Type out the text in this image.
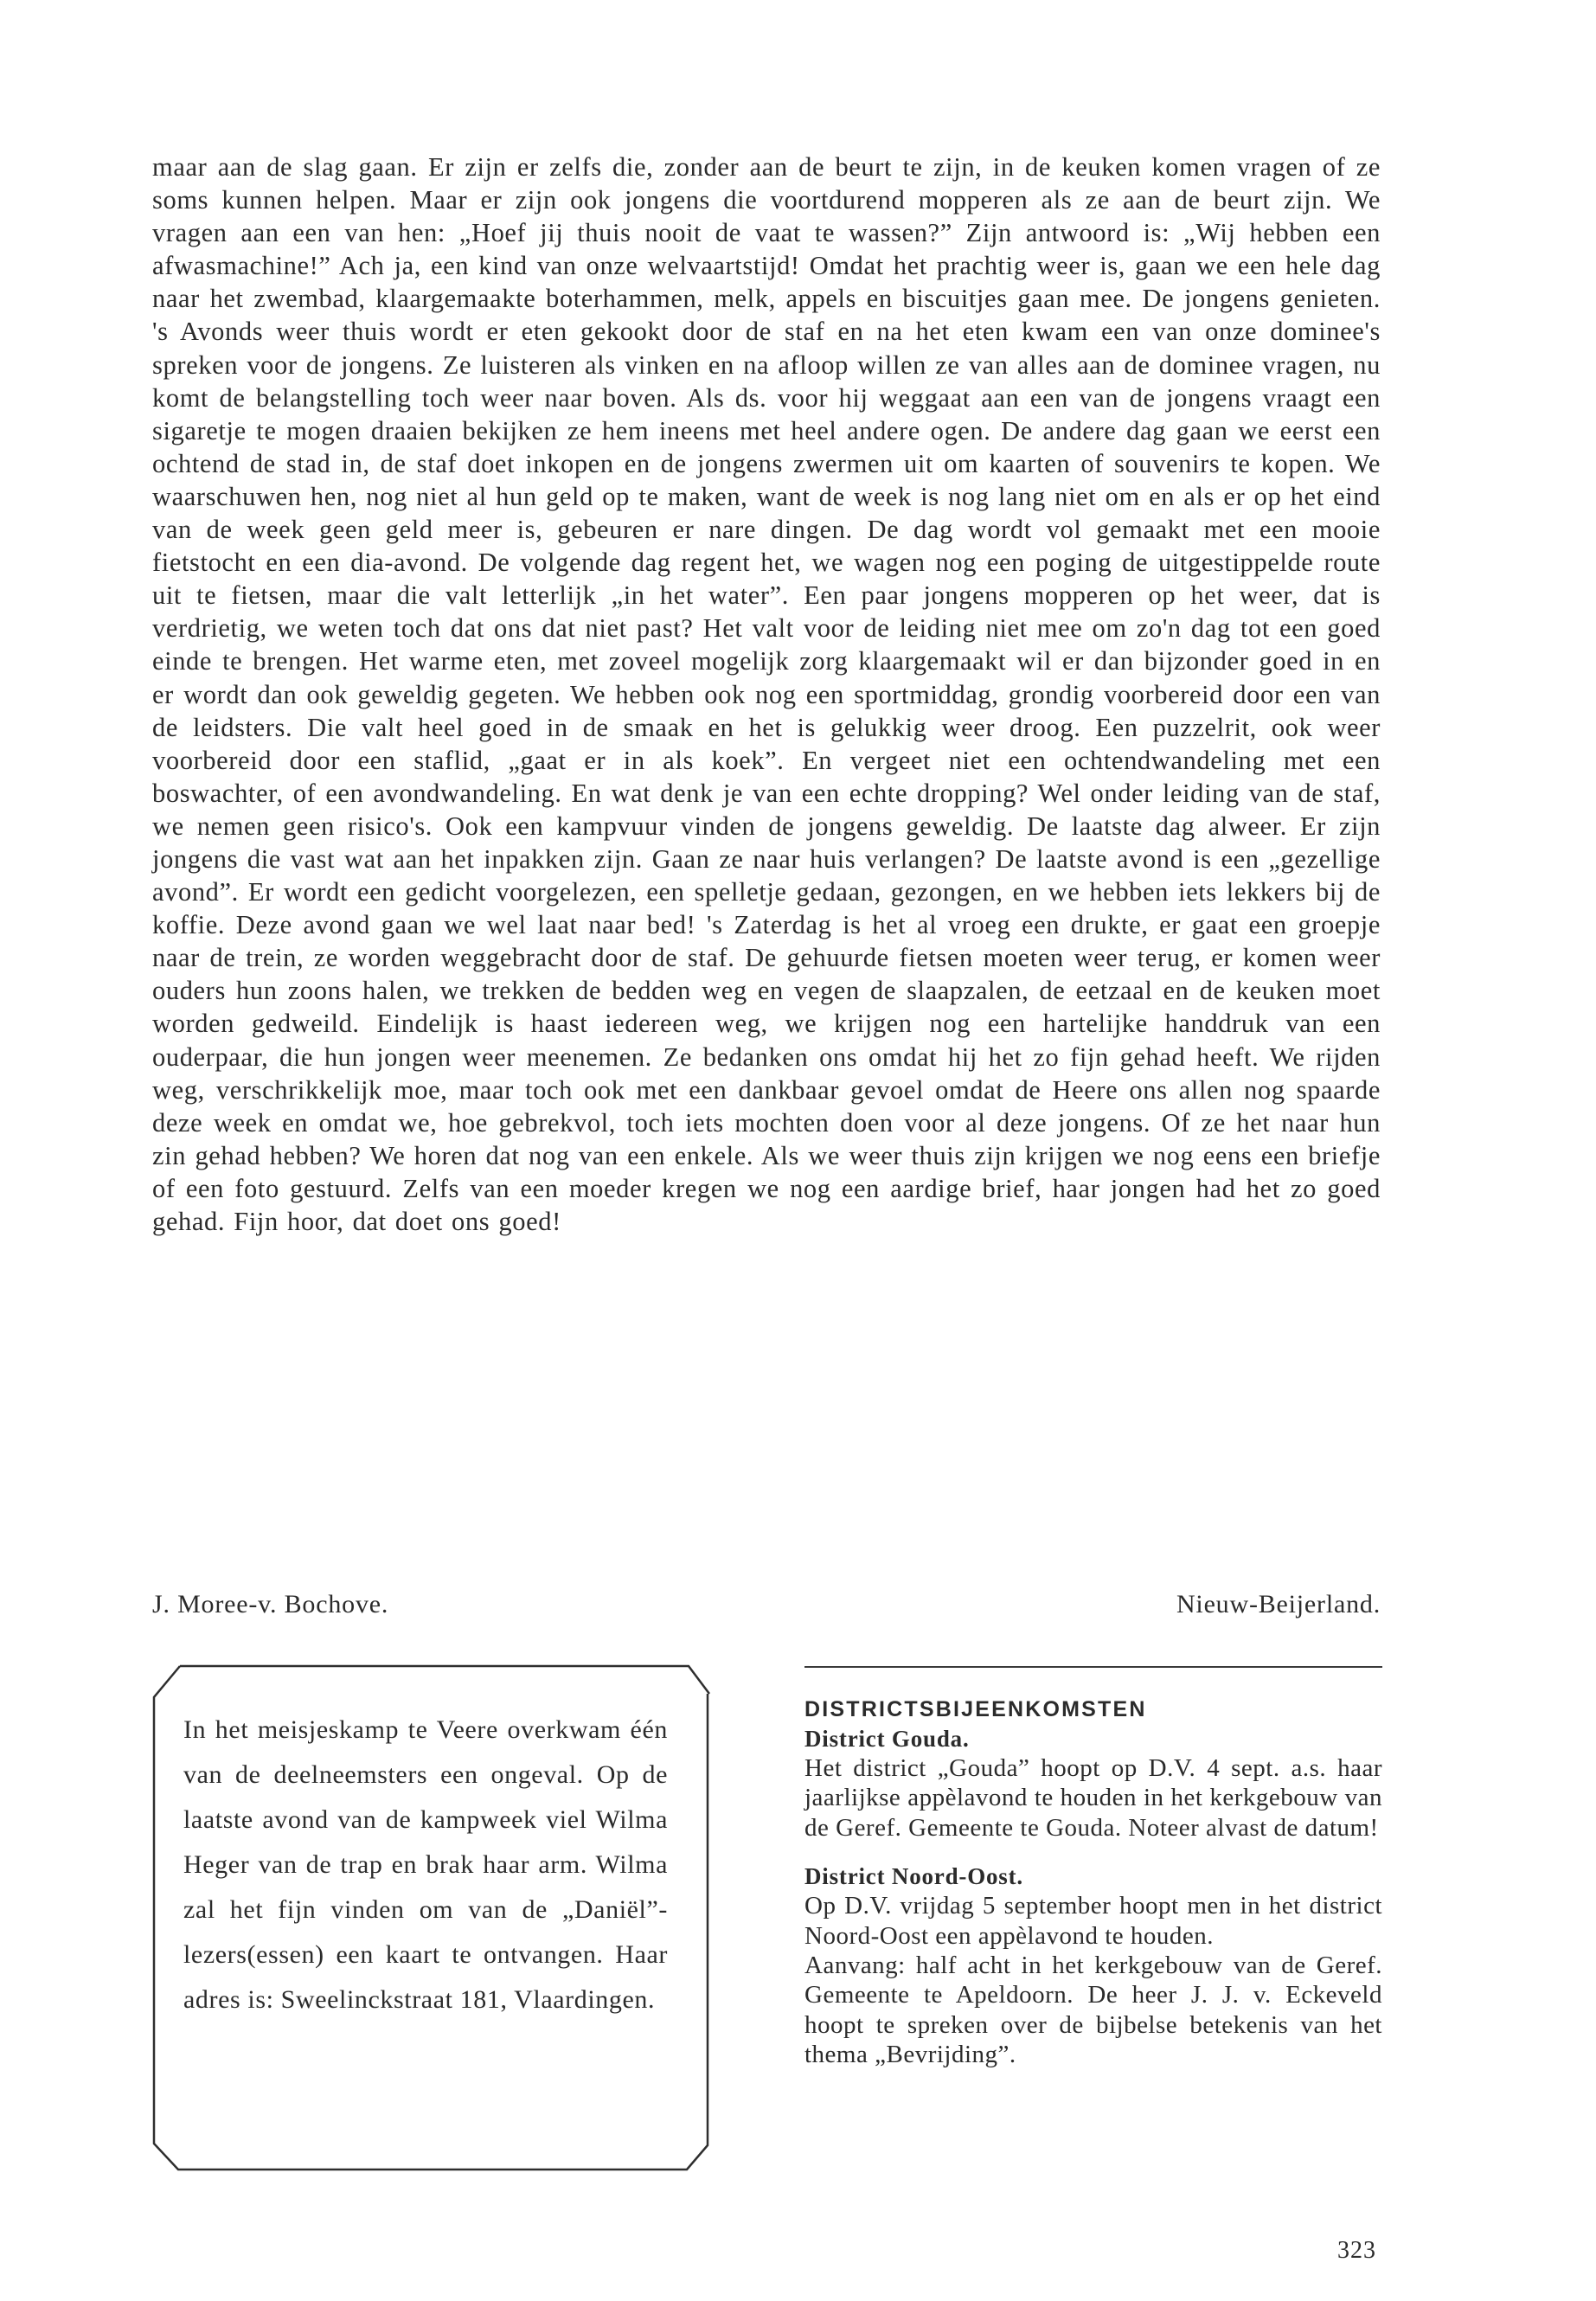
maar aan de slag gaan. Er zijn er zelfs die, zonder aan de beurt te zijn, in de keuken komen vragen of ze soms kunnen helpen. Maar er zijn ook jongens die voortdurend mopperen als ze aan de beurt zijn. We vragen aan een van hen: „Hoef jij thuis nooit de vaat te wassen?” Zijn antwoord is: „Wij hebben een afwasmachine!” Ach ja, een kind van onze welvaartstijd! Omdat het prachtig weer is, gaan we een hele dag naar het zwembad, klaargemaakte boterhammen, melk, appels en biscuitjes gaan mee. De jongens genieten. 's Avonds weer thuis wordt er eten gekookt door de staf en na het eten kwam een van onze dominee's spreken voor de jongens. Ze luisteren als vinken en na afloop willen ze van alles aan de dominee vragen, nu komt de belangstelling toch weer naar boven. Als ds. voor hij weggaat aan een van de jongens vraagt een sigaretje te mogen draaien bekijken ze hem ineens met heel andere ogen. De andere dag gaan we eerst een ochtend de stad in, de staf doet inkopen en de jongens zwermen uit om kaarten of souvenirs te kopen. We waarschuwen hen, nog niet al hun geld op te maken, want de week is nog lang niet om en als er op het eind van de week geen geld meer is, gebeuren er nare dingen. De dag wordt vol gemaakt met een mooie fietstocht en een dia-avond. De volgende dag regent het, we wagen nog een poging de uitgestippelde route uit te fietsen, maar die valt letterlijk „in het water”. Een paar jongens mopperen op het weer, dat is verdrietig, we weten toch dat ons dat niet past? Het valt voor de leiding niet mee om zo'n dag tot een goed einde te brengen. Het warme eten, met zoveel mogelijk zorg klaargemaakt wil er dan bijzonder goed in en er wordt dan ook geweldig gegeten. We hebben ook nog een sportmiddag, grondig voorbereid door een van de leidsters. Die valt heel goed in de smaak en het is gelukkig weer droog. Een puzzelrit, ook weer voorbereid door een staflid, „gaat er in als koek”. En vergeet niet een ochtendwandeling met een boswachter, of een avondwandeling. En wat denk je van een echte dropping? Wel onder leiding van de staf, we nemen geen risico's. Ook een kampvuur vinden de jongens geweldig. De laatste dag alweer. Er zijn jongens die vast wat aan het inpakken zijn. Gaan ze naar huis verlangen? De laatste avond is een „gezellige avond”. Er wordt een gedicht voorgelezen, een spelletje gedaan, gezongen, en we hebben iets lekkers bij de koffie. Deze avond gaan we wel laat naar bed! 's Zaterdag is het al vroeg een drukte, er gaat een groepje naar de trein, ze worden weggebracht door de staf. De gehuurde fietsen moeten weer terug, er komen weer ouders hun zoons halen, we trekken de bedden weg en vegen de slaapzalen, de eetzaal en de keuken moet worden gedweild. Eindelijk is haast iedereen weg, we krijgen nog een hartelijke handdruk van een ouderpaar, die hun jongen weer meenemen. Ze bedanken ons omdat hij het zo fijn gehad heeft. We rijden weg, verschrikkelijk moe, maar toch ook met een dankbaar gevoel omdat de Heere ons allen nog spaarde deze week en omdat we, hoe gebrekvol, toch iets mochten doen voor al deze jongens. Of ze het naar hun zin gehad hebben? We horen dat nog van een enkele. Als we weer thuis zijn krijgen we nog eens een briefje of een foto gestuurd. Zelfs van een moeder kregen we nog een aardige brief, haar jongen had het zo goed gehad. Fijn hoor, dat doet ons goed!
J. Moree-v. Bochove.	Nieuw-Beijerland.
In het meisjeskamp te Veere overkwam één van de deelneemsters een ongeval. Op de laatste avond van de kampweek viel Wilma Heger van de trap en brak haar arm. Wilma zal het fijn vinden om van de „Daniël”-lezers(essen) een kaart te ontvangen. Haar adres is: Sweelinckstraat 181, Vlaardingen.
DISTRICTSBIJEENKOMSTEN
District Gouda.

Het district „Gouda” hoopt op D.V. 4 sept. a.s. haar jaarlijkse appèlavond te houden in het kerkgebouw van de Geref. Gemeente te Gouda. Noteer alvast de datum!

District Noord-Oost.

Op D.V. vrijdag 5 september hoopt men in het district Noord-Oost een appèlavond te houden.

Aanvang: half acht in het kerkgebouw van de Geref. Gemeente te Apeldoorn. De heer J. J. v. Eckeveld hoopt te spreken over de bijbelse betekenis van het thema „Bevrijding”.

323
